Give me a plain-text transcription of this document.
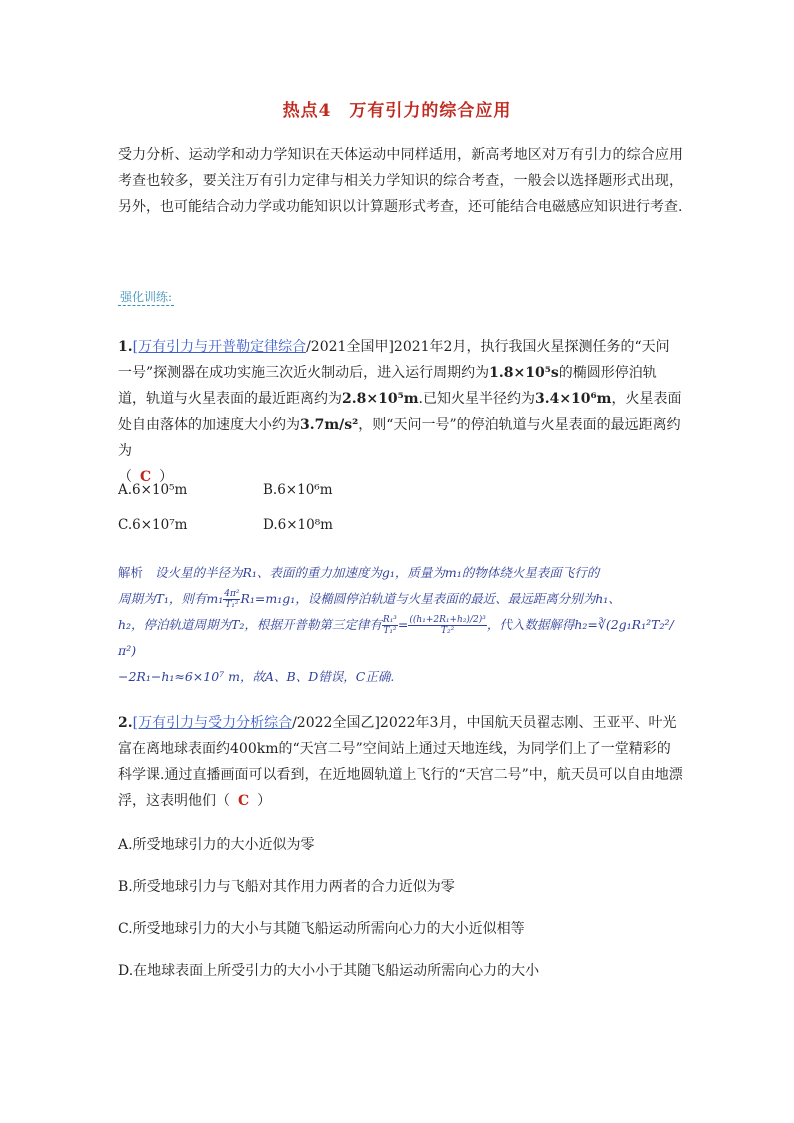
热点4　万有引力的综合应用
受力分析、运动学和动力学知识在天体运动中同样适用，新高考地区对万有引力的综合应用考查也较多，要关注万有引力定律与相关力学知识的综合考查，一般会以选择题形式出现，另外，也可能结合动力学或功能知识以计算题形式考查，还可能结合电磁感应知识进行考查.
强化训练:
1.[万有引力与开普勒定律综合/2021全国甲]2021年2月，执行我国火星探测任务的“天问一号”探测器在成功实施三次近火制动后，进入运行周期约为1.8×10⁵s的椭圆形停泊轨道，轨道与火星表面的最近距离约为2.8×10⁵m.已知火星半径约为3.4×10⁶m，火星表面处自由落体的加速度大小约为3.7m/s²，则“天问一号”的停泊轨道与火星表面的最远距离约为
（ C ）
A.6×10⁵m	B.6×10⁶m
C.6×10⁷m	D.6×10⁸m
解析 设火星的半径为R₁、表面的重力加速度为g₁，质量为m₁的物体绕火星表面飞行的
周期为T₁，则有$m_1 \frac{\text{4π²}}{\text{T₁²}} R_1=m_1g_1$，设椭圆停泊轨道与火星表面的最近、最远距离分别为h₁、
h₂，停泊轨道周期为T₂，根据开普勒第三定律有 $\frac{\text{R₁³}}{\text{T₁²}} = \frac{\text{((h₁+2R₁+h₂)/2)³}}{\text{T₂²}}$ ，代入数据解得h₂=∛(2g₁R₁²T₂²/π²)
−2R₁−h₁≈6×10⁷ m，故A、B、D错误，C正确.
2.[万有引力与受力分析综合/2022全国乙]2022年3月，中国航天员翟志刚、王亚平、叶光富在离地球表面约400km的“天宫二号”空间站上通过天地连线，为同学们上了一堂精彩的科学课.通过直播画面可以看到，在近地圆轨道上飞行的“天宫二号”中，航天员可以自由地漂浮，这表明他们（ C ）
A.所受地球引力的大小近似为零
B.所受地球引力与飞船对其作用力两者的合力近似为零
C.所受地球引力的大小与其随飞船运动所需向心力的大小近似相等
D.在地球表面上所受引力的大小小于其随飞船运动所需向心力的大小
